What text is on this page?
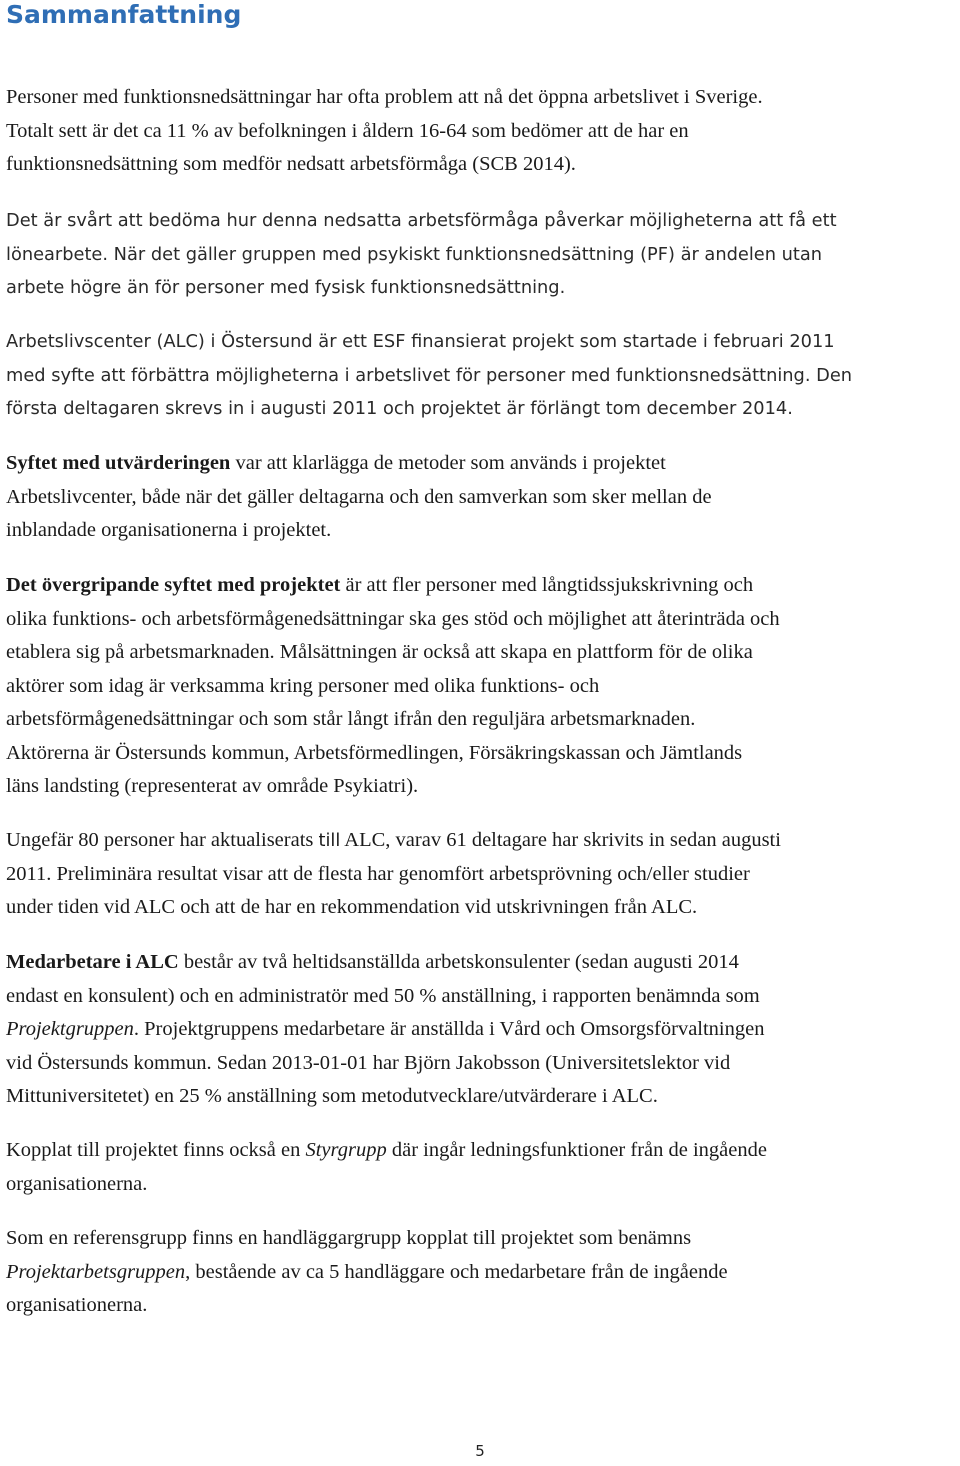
Sammanfattning

Personer med funktionsnedsättningar har ofta problem att nå det öppna arbetslivet i Sverige.
Totalt sett är det ca 11 % av befolkningen i åldern 16-64 som bedömer att de har en
funktionsnedsättning som medför nedsatt arbetsförmåga (SCB 2014).

Det är svårt att bedöma hur denna nedsatta arbetsförmåga påverkar möjligheterna att få ett
lönearbete. När det gäller gruppen med psykiskt funktionsnedsättning (PF) är andelen utan
arbete högre än för personer med fysisk funktionsnedsättning.

Arbetslivscenter (ALC) i Östersund är ett ESF finansierat projekt som startade i februari 2011
med syfte att förbättra möjligheterna i arbetslivet för personer med funktionsnedsättning. Den
första deltagaren skrevs in i augusti 2011 och projektet är förlängt tom december 2014.

Syftet med utvärderingen var att klarlägga de metoder som används i projektet
Arbetslivcenter, både när det gäller deltagarna och den samverkan som sker mellan de
inblandade organisationerna i projektet.

Det övergripande syftet med projektet är att fler personer med långtidssjukskrivning och
olika funktions- och arbetsförmågenedsättningar ska ges stöd och möjlighet att återinträda och
etablera sig på arbetsmarknaden. Målsättningen är också att skapa en plattform för de olika
aktörer som idag är verksamma kring personer med olika funktions- och
arbetsförmågenedsättningar och som står långt ifrån den reguljära arbetsmarknaden.
Aktörerna är Östersunds kommun, Arbetsförmedlingen, Försäkringskassan och Jämtlands
läns landsting (representerat av område Psykiatri).

Ungefär 80 personer har aktualiserats till ALC, varav 61 deltagare har skrivits in sedan augusti
2011. Preliminära resultat visar att de flesta har genomfört arbetsprövning och/eller studier
under tiden vid ALC och att de har en rekommendation vid utskrivningen från ALC.

Medarbetare i ALC består av två heltidsanställda arbetskonsulenter (sedan augusti 2014
endast en konsulent) och en administratör med 50 % anställning, i rapporten benämnda som
Projektgruppen. Projektgruppens medarbetare är anställda i Vård och Omsorgsförvaltningen
vid Östersunds kommun. Sedan 2013-01-01 har Björn Jakobsson (Universitetslektor vid
Mittuniversitetet) en 25 % anställning som metodutvecklare/utvärderare i ALC.

Kopplat till projektet finns också en Styrgrupp där ingår ledningsfunktioner från de ingående
organisationerna.

Som en referensgrupp finns en handläggargrupp kopplat till projektet som benämns
Projektarbetsgruppen, bestående av ca 5 handläggare och medarbetare från de ingående
organisationerna.

5
